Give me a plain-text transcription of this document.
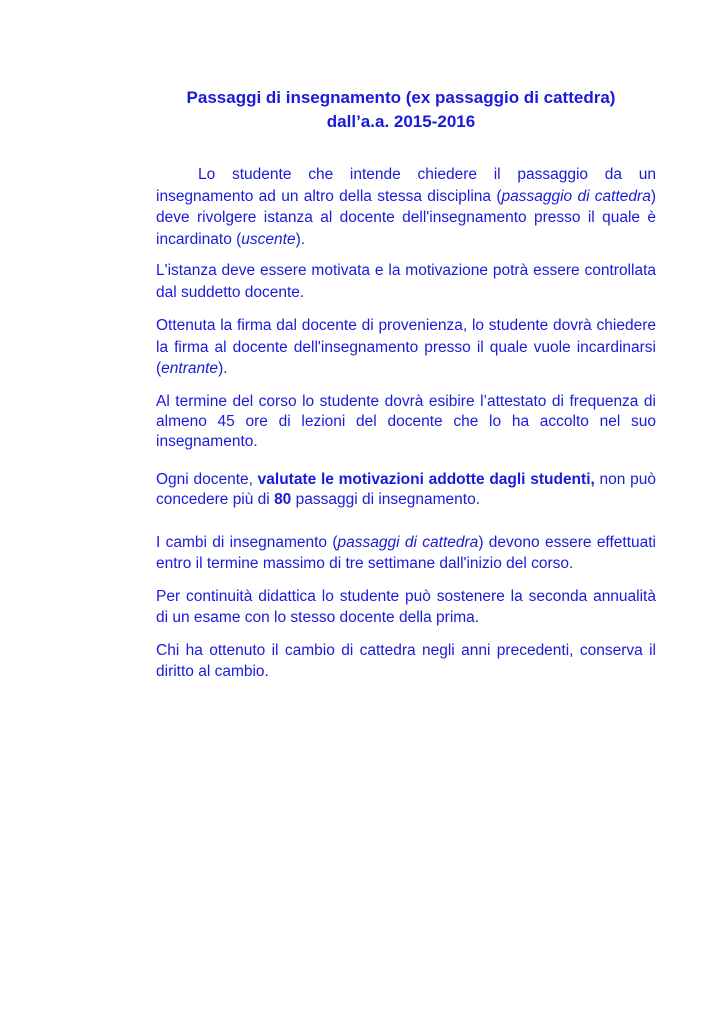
Passaggi di insegnamento (ex passaggio di cattedra)
dall’a.a. 2015-2016

Lo studente che intende chiedere il passaggio da un insegnamento ad un altro della stessa disciplina (passaggio di cattedra) deve rivolgere istanza al docente dell'insegnamento presso il quale è incardinato (uscente).

L'istanza deve essere motivata e la motivazione potrà essere controllata dal suddetto docente.

Ottenuta la firma dal docente di provenienza, lo studente dovrà chiedere la firma al docente dell'insegnamento presso il quale vuole incardinarsi (entrante).

Al termine del corso lo studente dovrà esibire l’attestato di frequenza di almeno 45 ore di lezioni del docente che lo ha accolto nel suo insegnamento.

Ogni docente, valutate le motivazioni addotte dagli studenti, non può concedere più di 80 passaggi di insegnamento.

I cambi di insegnamento (passaggi di cattedra) devono essere effettuati entro il termine massimo di tre settimane dall'inizio del corso.

Per continuità didattica lo studente può sostenere la seconda annualità di un esame con lo stesso docente della prima.

Chi ha ottenuto il cambio di cattedra negli anni precedenti, conserva il diritto al cambio.
